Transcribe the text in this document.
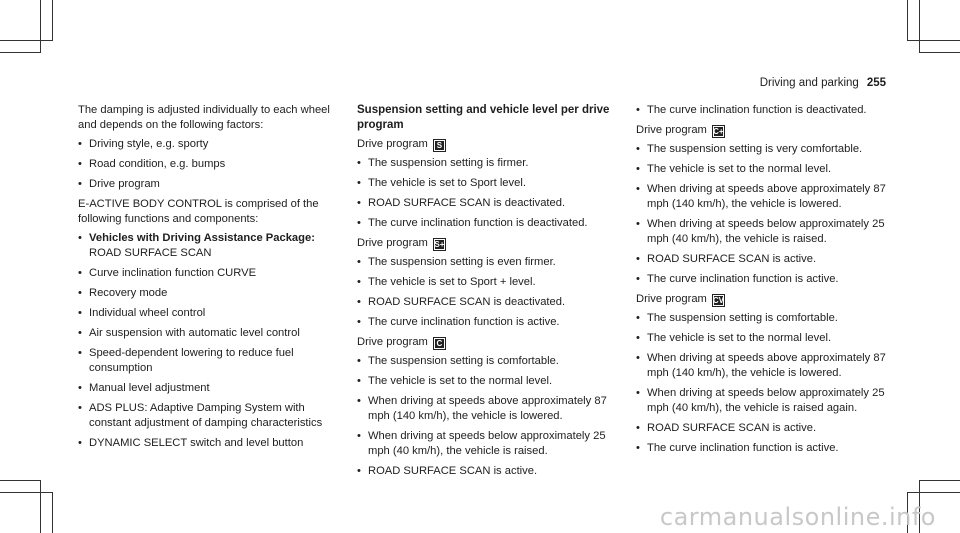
Driving and parking 255

The damping is adjusted individually to each wheel and depends on the following factors:

• Driving style, e.g. sporty
• Road condition, e.g. bumps
• Drive program

E-ACTIVE BODY CONTROL is comprised of the following functions and components:

• Vehicles with Driving Assistance Package:
ROAD SURFACE SCAN
• Curve inclination function CURVE
• Recovery mode
• Individual wheel control
• Air suspension with automatic level control
• Speed-dependent lowering to reduce fuel consumption
• Manual level adjustment
• ADS PLUS: Adaptive Damping System with constant adjustment of damping characteristics
• DYNAMIC SELECT switch and level button
Suspension setting and vehicle level per drive program

Drive program S

• The suspension setting is firmer.
• The vehicle is set to Sport level.
• ROAD SURFACE SCAN is deactivated.
• The curve inclination function is deactivated.

Drive program S+

• The suspension setting is even firmer.
• The vehicle is set to Sport + level.
• ROAD SURFACE SCAN is deactivated.
• The curve inclination function is active.

Drive program C

• The suspension setting is comfortable.
• The vehicle is set to the normal level.
• When driving at speeds above approximately 87 mph (140 km/h), the vehicle is lowered.
• When driving at speeds below approximately 25 mph (40 km/h), the vehicle is raised.
• ROAD SURFACE SCAN is active.
• The curve inclination function is deactivated.

Drive program C+

• The suspension setting is very comfortable.
• The vehicle is set to the normal level.
• When driving at speeds above approximately 87 mph (140 km/h), the vehicle is lowered.
• When driving at speeds below approximately 25 mph (40 km/h), the vehicle is raised.
• ROAD SURFACE SCAN is active.
• The curve inclination function is active.

Drive program CV

• The suspension setting is comfortable.
• The vehicle is set to the normal level.
• When driving at speeds above approximately 87 mph (140 km/h), the vehicle is lowered.
• When driving at speeds below approximately 25 mph (40 km/h), the vehicle is raised again.
• ROAD SURFACE SCAN is active.
• The curve inclination function is active.
carmanualsonline.info
